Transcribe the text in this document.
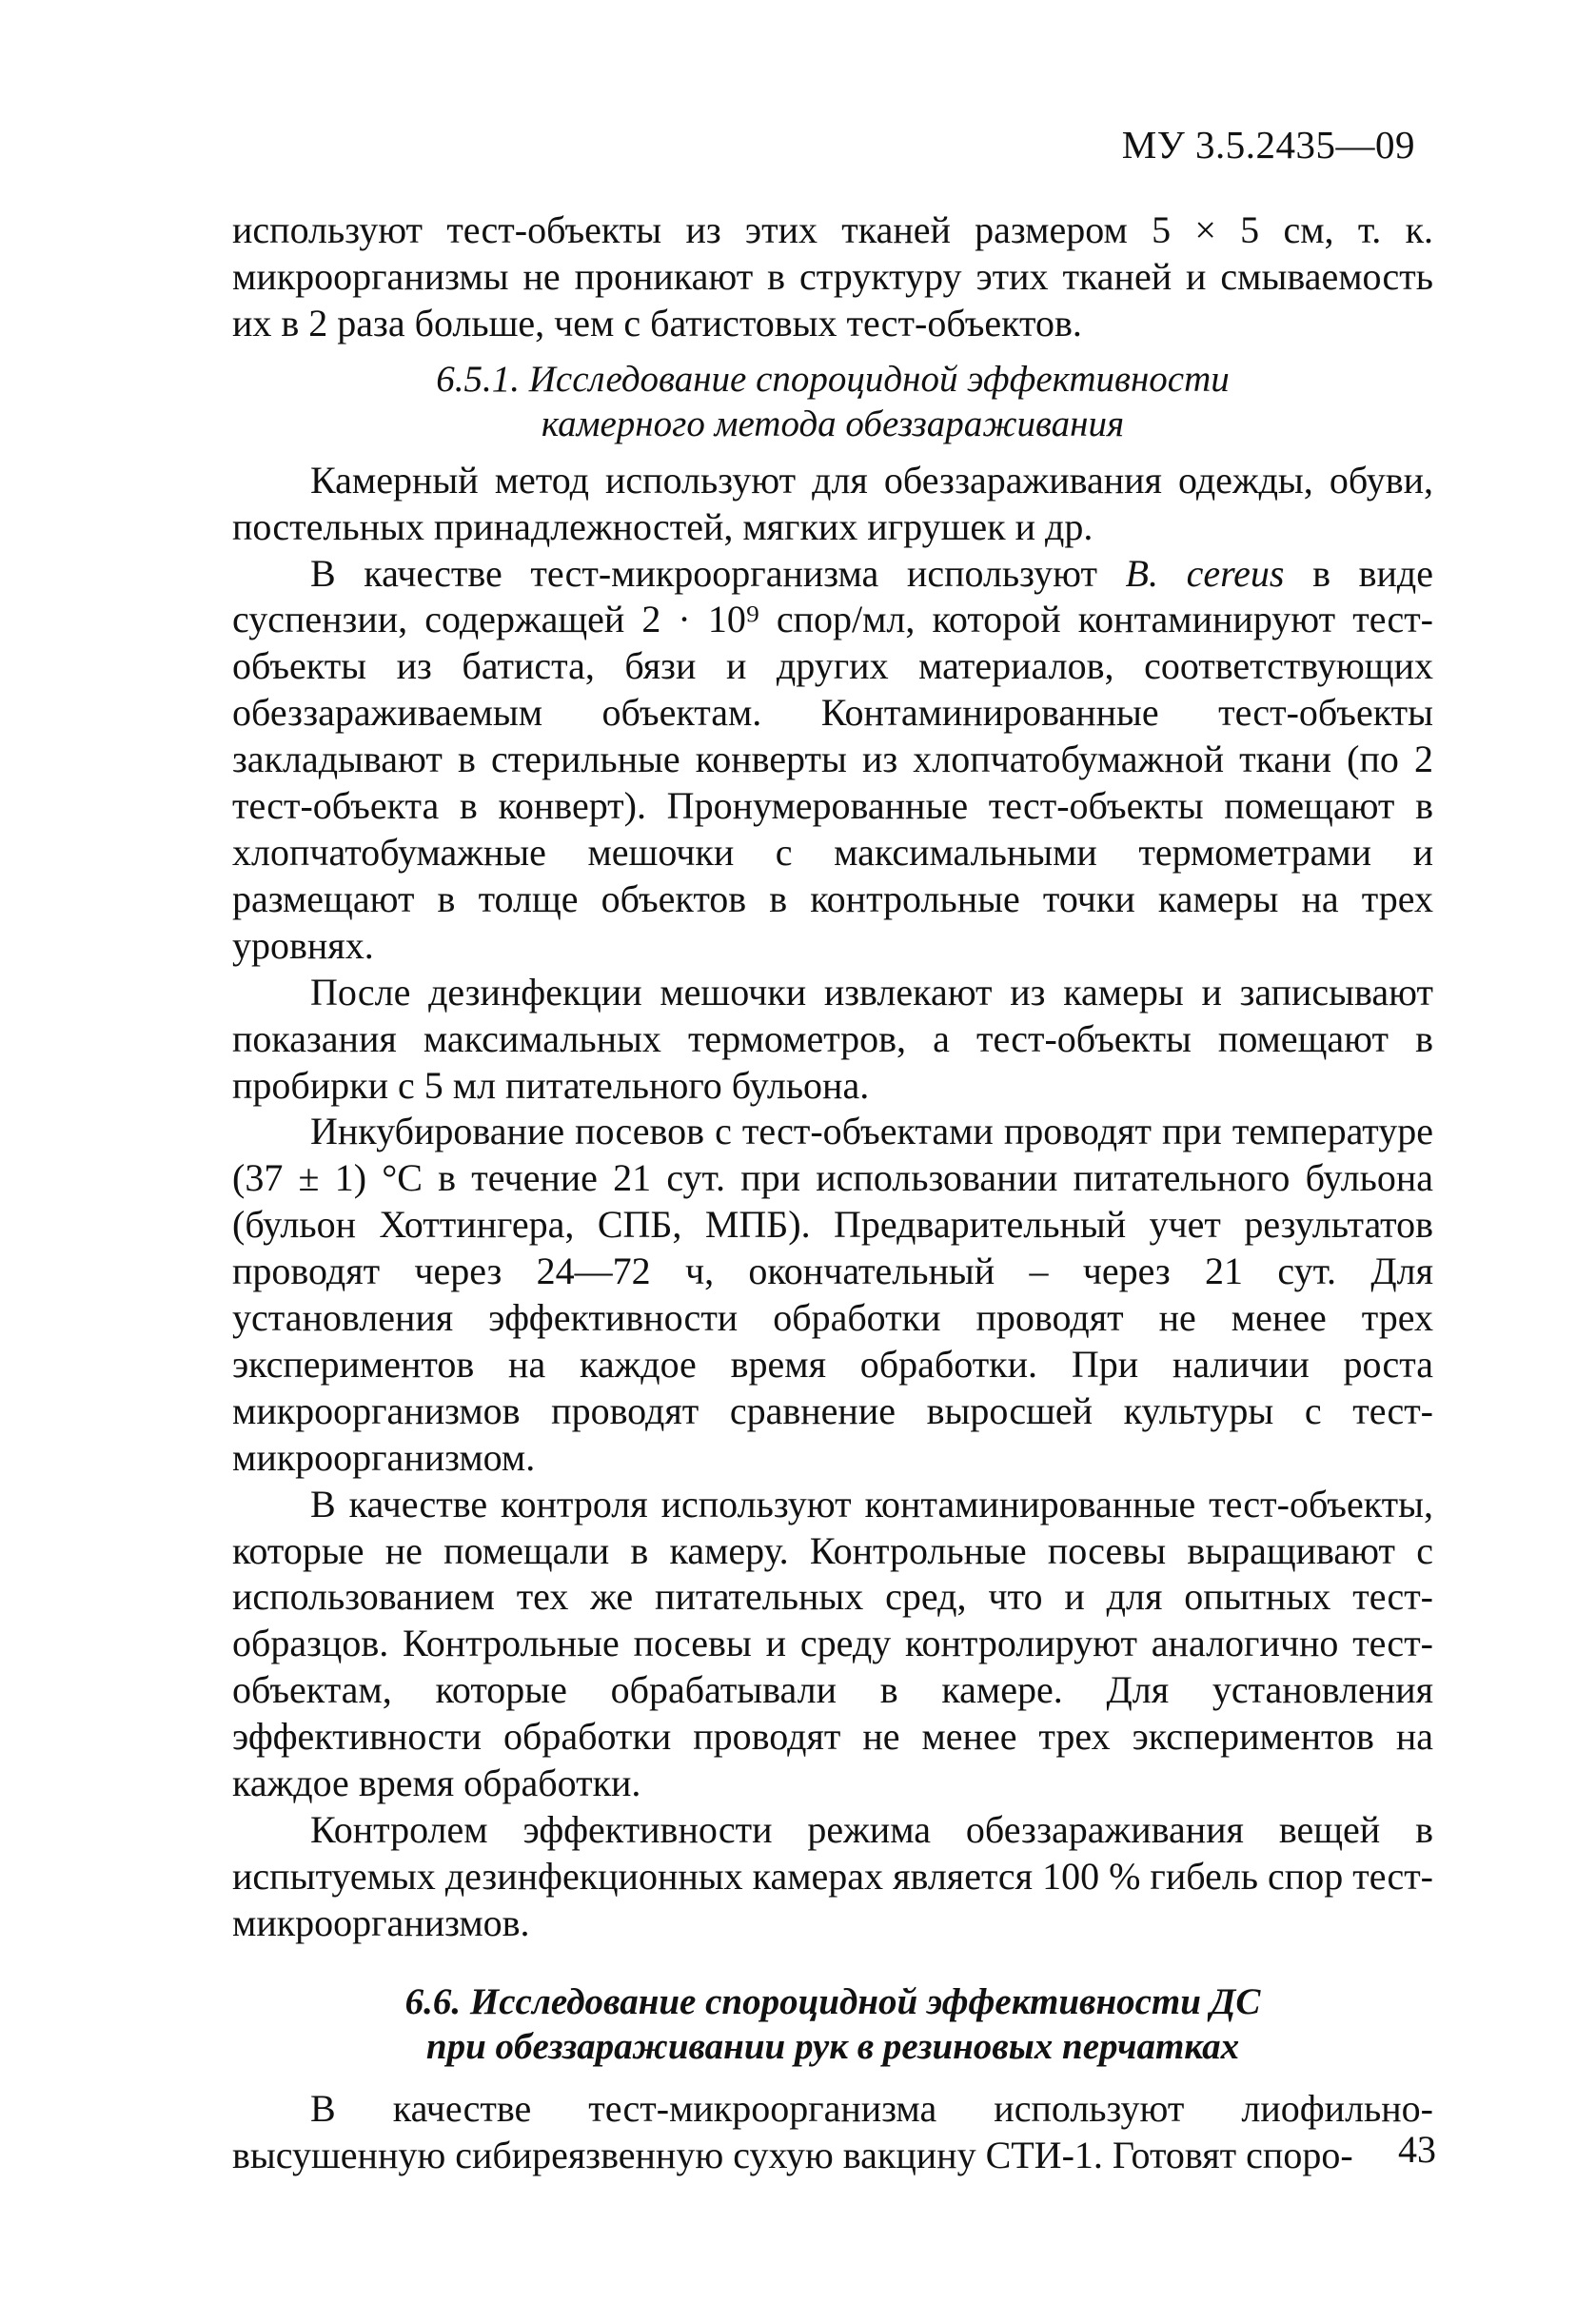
МУ 3.5.2435—09

используют тест-объекты из этих тканей размером 5 × 5 см, т. к. микроорганизмы не проникают в структуру этих тканей и смываемость их в 2 раза больше, чем с батистовых тест-объектов.

6.5.1. Исследование спороцидной эффективности
камерного метода обеззараживания

Камерный метод используют для обеззараживания одежды, обуви, постельных принадлежностей, мягких игрушек и др.

В качестве тест-микроорганизма используют B. cereus в виде суспензии, содержащей 2 · 10⁹ спор/мл, которой контаминируют тест-объекты из батиста, бязи и других материалов, соответствующих обеззараживаемым объектам. Контаминированные тест-объекты закладывают в стерильные конверты из хлопчатобумажной ткани (по 2 тест-объекта в конверт). Пронумерованные тест-объекты помещают в хлопчатобумажные мешочки с максимальными термометрами и размещают в толще объектов в контрольные точки камеры на трех уровнях.

После дезинфекции мешочки извлекают из камеры и записывают показания максимальных термометров, а тест-объекты помещают в пробирки с 5 мл питательного бульона.

Инкубирование посевов с тест-объектами проводят при температуре (37 ± 1) °С в течение 21 сут. при использовании питательного бульона (бульон Хоттингера, СПБ, МПБ). Предварительный учет результатов проводят через 24—72 ч, окончательный – через 21 сут. Для установления эффективности обработки проводят не менее трех экспериментов на каждое время обработки. При наличии роста микроорганизмов проводят сравнение выросшей культуры с тест-микроорганизмом.

В качестве контроля используют контаминированные тест-объекты, которые не помещали в камеру. Контрольные посевы выращивают с использованием тех же питательных сред, что и для опытных тест-образцов. Контрольные посевы и среду контролируют аналогично тест-объектам, которые обрабатывали в камере. Для установления эффективности обработки проводят не менее трех экспериментов на каждое время обработки.

Контролем эффективности режима обеззараживания вещей в испытуемых дезинфекционных камерах является 100 % гибель спор тест-микроорганизмов.

6.6. Исследование спороцидной эффективности ДС
при обеззараживании рук в резиновых перчатках

В качестве тест-микроорганизма используют лиофильно-высушенную сибиреязвенную сухую вакцину СТИ-1. Готовят споро-	43
